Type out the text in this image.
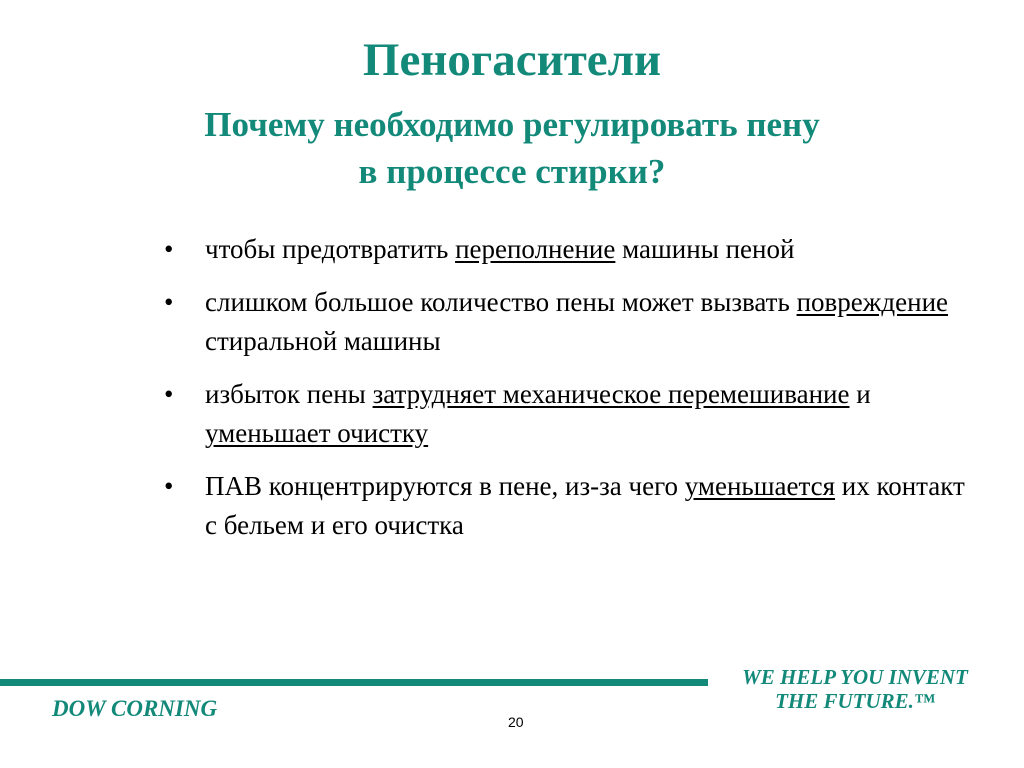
Пеногасители
Почему необходимо регулировать пену
в процессе стирки?
• чтобы предотвратить переполнение машины пеной
• слишком большое количество пены может вызвать повреждение стиральной машины
• избыток пены затрудняет механическое перемешивание и уменьшает очистку
• ПАВ концентрируются в пене, из-за чего уменьшается их контакт с бельем и его очистка
WE HELP YOU INVENT
THE FUTURE.™
DOW CORNING
20
